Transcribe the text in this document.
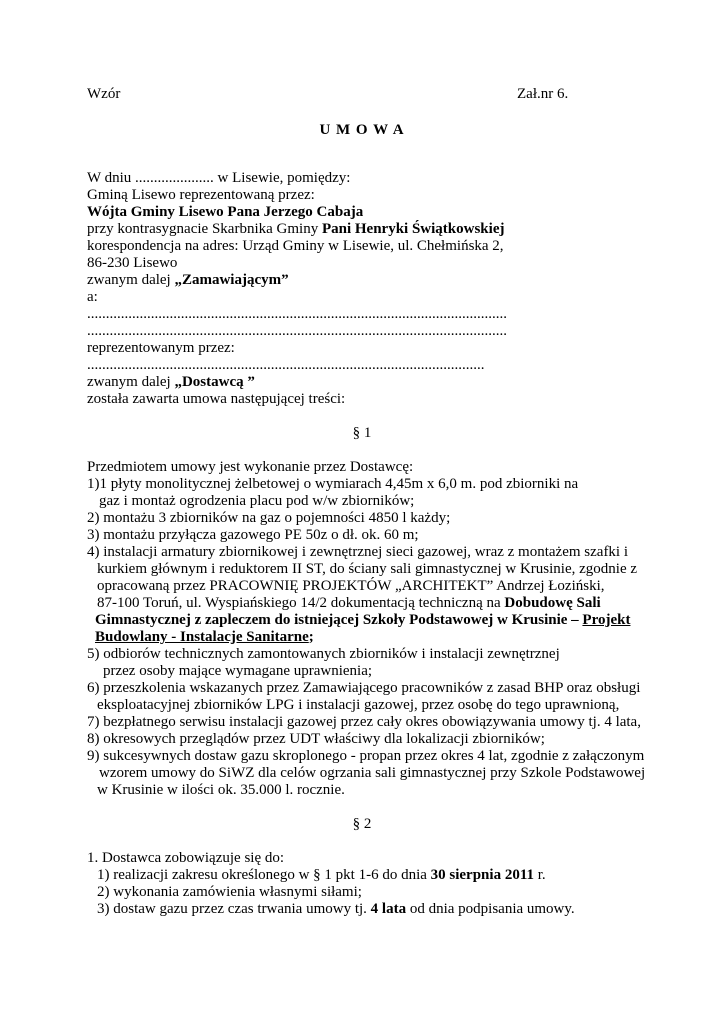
Wzór	Zał.nr 6.
U M O W A
W dniu ..................... w Lisewie, pomiędzy:
Gminą Lisewo reprezentowaną przez:
Wójta Gminy Lisewo Pana Jerzego Cabaja
przy kontrasygnacie Skarbnika Gminy Pani Henryki Świątkowskiej
korespondencja na adres: Urząd Gminy w Lisewie, ul. Chełmińska 2,
86-230 Lisewo
zwanym dalej „Zamawiającym”
a:
................................................................................................................
................................................................................................................
reprezentowanym przez:
..........................................................................................................
zwanym dalej „Dostawcą ”
została zawarta umowa następującej treści:
§ 1
Przedmiotem umowy jest wykonanie przez Dostawcę:
1)1 płyty monolitycznej żelbetowej o wymiarach 4,45m x 6,0 m. pod zbiorniki na
gaz i montaż ogrodzenia placu pod w/w zbiorników;
2) montażu 3 zbiorników na gaz o pojemności 4850 l każdy;
3) montażu przyłącza gazowego PE 50z o dł. ok. 60 m;
4) instalacji armatury zbiornikowej i zewnętrznej sieci gazowej, wraz z montażem szafki i
kurkiem głównym i reduktorem II ST, do ściany sali gimnastycznej w Krusinie, zgodnie z
opracowaną przez PRACOWNIĘ PROJEKTÓW „ARCHITEKT” Andrzej Łoziński,
87-100 Toruń, ul. Wyspiańskiego 14/2 dokumentacją techniczną na Dobudowę Sali
Gimnastycznej z zapleczem do istniejącej Szkoły Podstawowej w Krusinie – Projekt
Budowlany - Instalacje Sanitarne;
5) odbiorów technicznych zamontowanych zbiorników i instalacji zewnętrznej
przez osoby mające wymagane uprawnienia;
6) przeszkolenia wskazanych przez Zamawiającego pracowników z zasad BHP oraz obsługi
eksploatacyjnej zbiorników LPG i instalacji gazowej, przez osobę do tego uprawnioną,
7) bezpłatnego serwisu instalacji gazowej przez cały okres obowiązywania umowy tj. 4 lata,
8) okresowych przeglądów przez UDT właściwy dla lokalizacji zbiorników;
9) sukcesywnych dostaw gazu skroplonego - propan przez okres 4 lat, zgodnie z załączonym
wzorem umowy do SiWZ dla celów ogrzania sali gimnastycznej przy Szkole Podstawowej
w Krusinie w ilości ok. 35.000 l. rocznie.
§ 2
1. Dostawca zobowiązuje się do:
1) realizacji zakresu określonego w § 1 pkt 1-6 do dnia 30 sierpnia 2011 r.
2) wykonania zamówienia własnymi siłami;
3) dostaw gazu przez czas trwania umowy tj. 4 lata od dnia podpisania umowy.
